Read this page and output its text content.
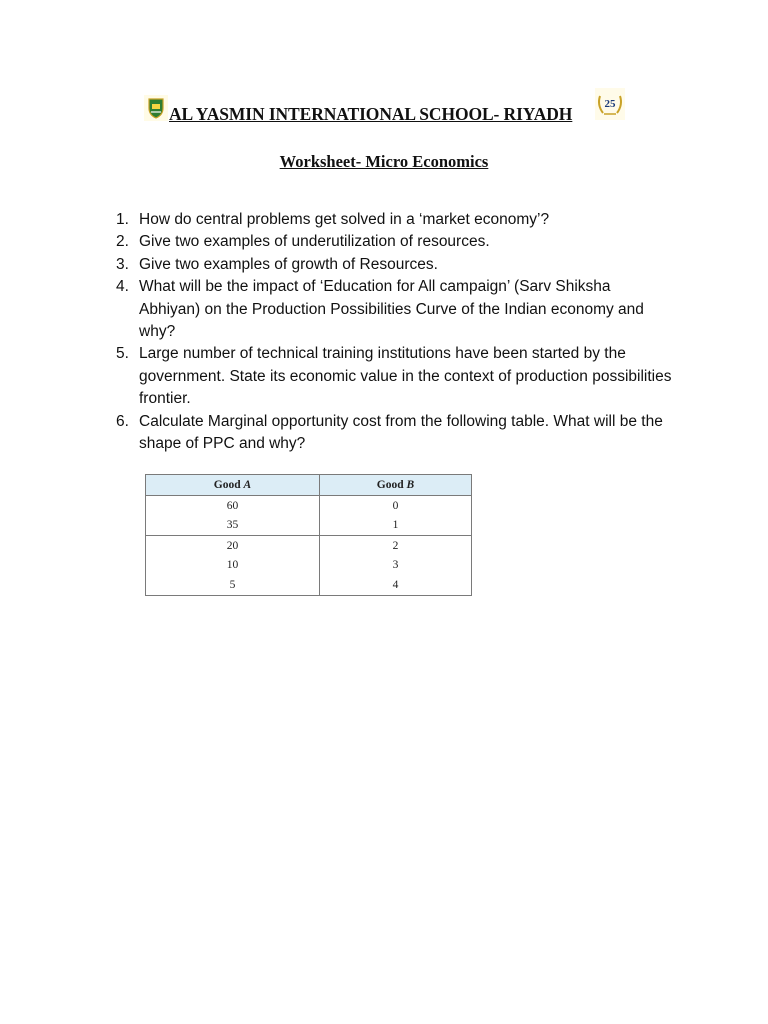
AL YASMIN INTERNATIONAL SCHOOL- RIYADH	25
Worksheet- Micro Economics
1. How do central problems get solved in a ‘market economy’?
2. Give two examples of underutilization of resources.
3. Give two examples of growth of Resources.
4. What will be the impact of ‘Education for All campaign’ (Sarv Shiksha Abhiyan) on the Production Possibilities Curve of the Indian economy and why?
5. Large number of technical training institutions have been started by the government. State its economic value in the context of production possibilities frontier.
6. Calculate Marginal opportunity cost from the following table. What will be the shape of PPC and why?
Good A	Good B
60	0
35	1
20	2
10	3
5	4
